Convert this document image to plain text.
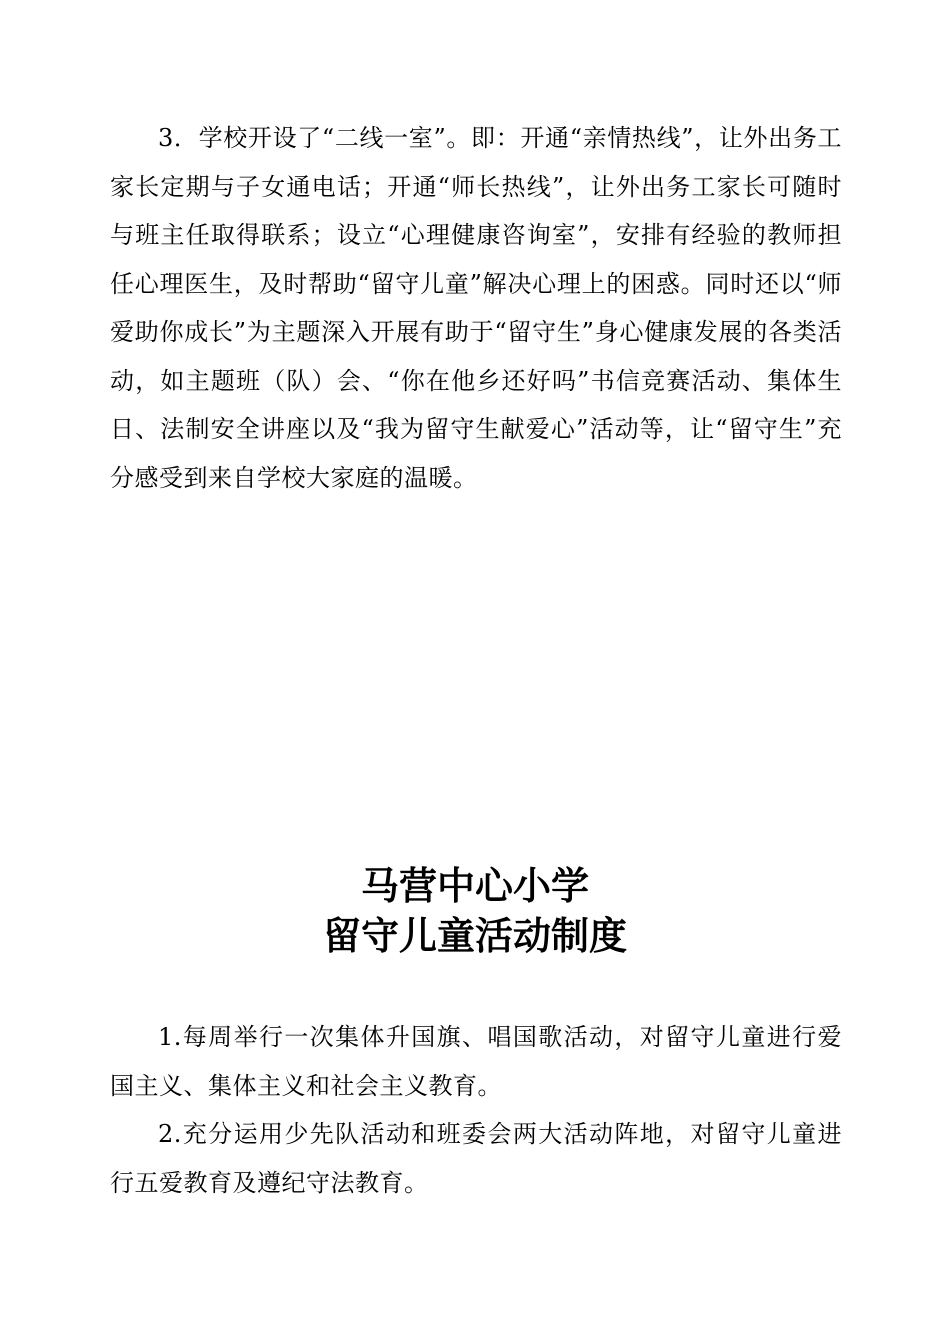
3．学校开设了“二线一室”。即：开通“亲情热线”，让外出务工家长定期与子女通电话；开通“师长热线”，让外出务工家长可随时与班主任取得联系；设立“心理健康咨询室”，安排有经验的教师担任心理医生，及时帮助“留守儿童”解决心理上的困惑。同时还以“师爱助你成长”为主题深入开展有助于“留守生”身心健康发展的各类活动，如主题班（队）会、“你在他乡还好吗”书信竞赛活动、集体生日、法制安全讲座以及“我为留守生献爱心”活动等，让“留守生”充分感受到来自学校大家庭的温暖。

马营中心小学
留守儿童活动制度

1.每周举行一次集体升国旗、唱国歌活动，对留守儿童进行爱国主义、集体主义和社会主义教育。

2.充分运用少先队活动和班委会两大活动阵地，对留守儿童进行五爱教育及遵纪守法教育。
